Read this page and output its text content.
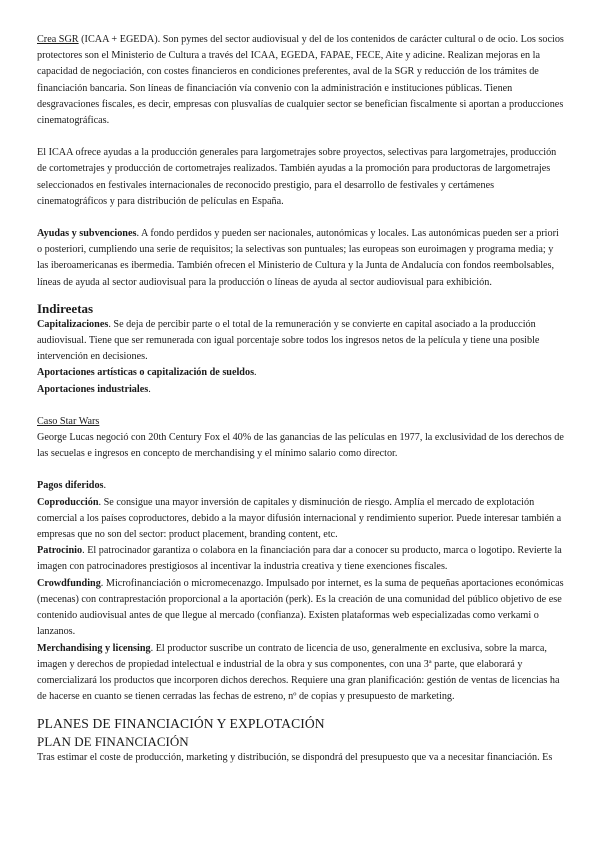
Crea SGR (ICAA + EGEDA). Son pymes del sector audiovisual y del de los contenidos de carácter cultural o de ocio. Los socios protectores son el Ministerio de Cultura a través del ICAA, EGEDA, FAPAE, FECE, Aite y adicine. Realizan mejoras en la capacidad de negociación, con costes financieros en condiciones preferentes, aval de la SGR y reducción de los trámites de financiación bancaria. Son líneas de financiación vía convenio con la administración e instituciones públicas. Tienen desgravaciones fiscales, es decir, empresas con plusvalías de cualquier sector se benefician fiscalmente si aportan a producciones cinematográficas.

El ICAA ofrece ayudas a la producción generales para largometrajes sobre proyectos, selectivas para largometrajes, producción de cortometrajes y producción de cortometrajes realizados. También ayudas a la promoción para productoras de largometrajes seleccionados en festivales internacionales de reconocido prestigio, para el desarrollo de festivales y certámenes cinematográficos y para distribución de películas en España.

Ayudas y subvenciones. A fondo perdidos y pueden ser nacionales, autonómicas y locales. Las autonómicas pueden ser a priori o posteriori, cumpliendo una serie de requisitos; la selectivas son puntuales; las europeas son euroimagen y programa media; y las iberoamericanas es ibermedia. También ofrecen el Ministerio de Cultura y la Junta de Andalucía con fondos reembolsables, líneas de ayuda al sector audiovisual para la producción o líneas de ayuda al sector audiovisual para exhibición.

Indireetas

Capitalizaciones. Se deja de percibir parte o el total de la remuneración y se convierte en capital asociado a la producción audiovisual. Tiene que ser remunerada con igual porcentaje sobre todos los ingresos netos de la película y tiene una posible intervención en decisiones.

Aportaciones artísticas o capitalización de sueldos.

Aportaciones industriales.

Caso Star Wars

George Lucas negoció con 20th Century Fox el 40% de las ganancias de las películas en 1977, la exclusividad de los derechos de las secuelas e ingresos en concepto de merchandising y el mínimo salario como director.

Pagos diferidos.

Coproducción. Se consigue una mayor inversión de capitales y disminución de riesgo. Amplía el mercado de explotación comercial a los países coproductores, debido a la mayor difusión internacional y rendimiento superior. Puede interesar también a empresas que no son del sector: product placement, branding content, etc.

Patrocinio. El patrocinador garantiza o colabora en la financiación para dar a conocer su producto, marca o logotipo. Revierte la imagen con patrocinadores prestigiosos al incentivar la industria creativa y tiene exenciones fiscales.

Crowdfunding. Microfinanciación o micromecenazgo. Impulsado por internet, es la suma de pequeñas aportaciones económicas (mecenas) con contraprestación proporcional a la aportación (perk). Es la creación de una comunidad del público objetivo de ese contenido audiovisual antes de que llegue al mercado (confianza). Existen plataformas web especializadas como verkami o lanzanos.

Merchandising y licensing. El productor suscribe un contrato de licencia de uso, generalmente en exclusiva, sobre la marca, imagen y derechos de propiedad intelectual e industrial de la obra y sus componentes, con una 3ª parte, que elaborará y comercializará los productos que incorporen dichos derechos. Requiere una gran planificación: gestión de ventas de licencias ha de hacerse en cuanto se tienen cerradas las fechas de estreno, nº de copias y presupuesto de marketing.

PLANES DE FINANCIACIÓN Y EXPLOTACIÓN
PLAN DE FINANCIACIÓN

Tras estimar el coste de producción, marketing y distribución, se dispondrá del presupuesto que va a necesitar financiación. Es
